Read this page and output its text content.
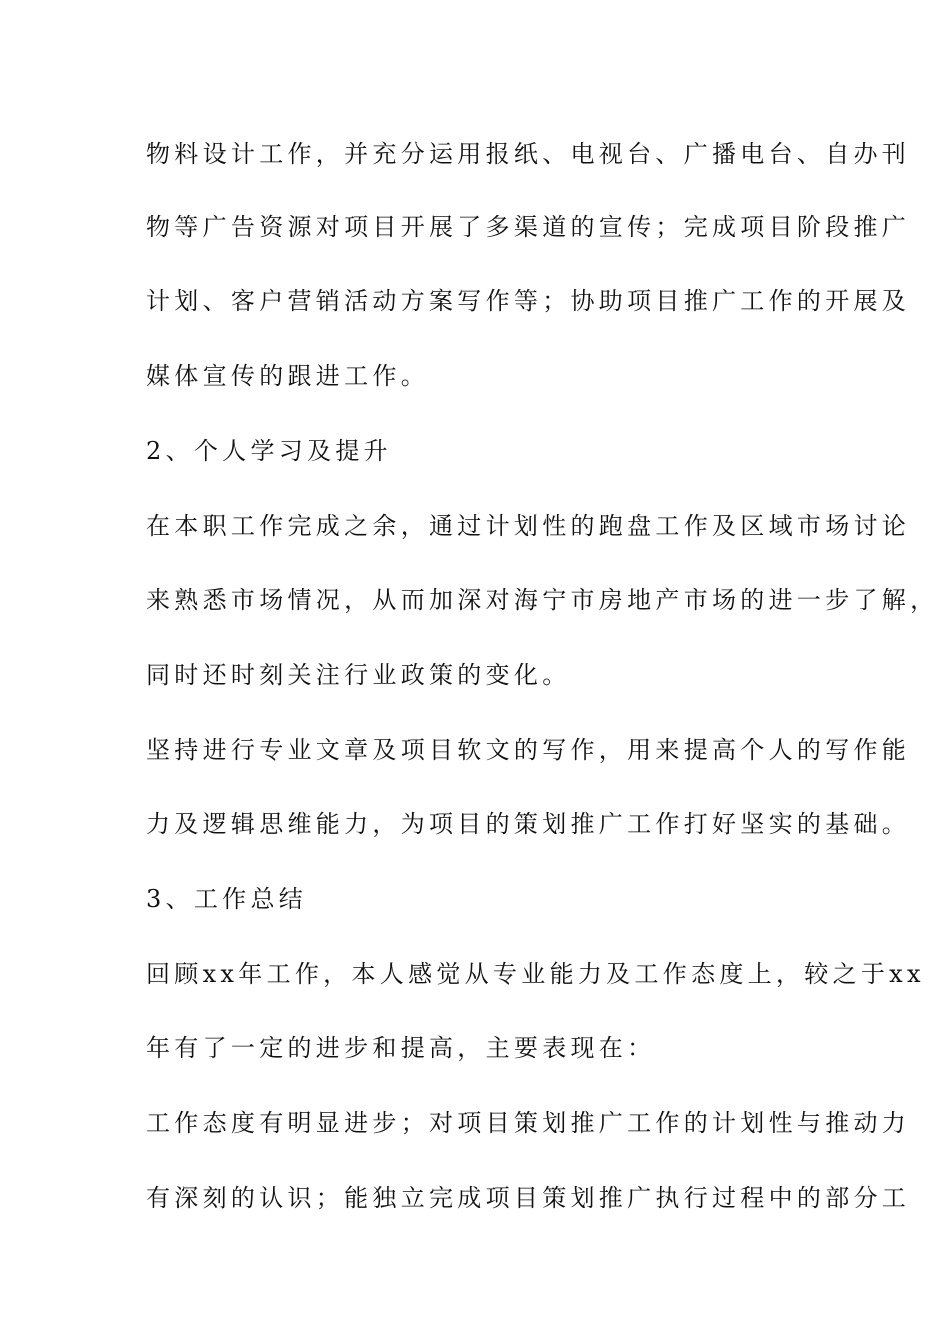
物料设计工作，并充分运用报纸、电视台、广播电台、自办刊
物等广告资源对项目开展了多渠道的宣传；完成项目阶段推广
计划、客户营销活动方案写作等；协助项目推广工作的开展及
媒体宣传的跟进工作。
2、个人学习及提升
在本职工作完成之余，通过计划性的跑盘工作及区域市场讨论
来熟悉市场情况，从而加深对海宁市房地产市场的进一步了解，
同时还时刻关注行业政策的变化。
坚持进行专业文章及项目软文的写作，用来提高个人的写作能
力及逻辑思维能力，为项目的策划推广工作打好坚实的基础。
3、工作总结
回顾xx年工作，本人感觉从专业能力及工作态度上，较之于xx
年有了一定的进步和提高，主要表现在：
工作态度有明显进步；对项目策划推广工作的计划性与推动力
有深刻的认识；能独立完成项目策划推广执行过程中的部分工
